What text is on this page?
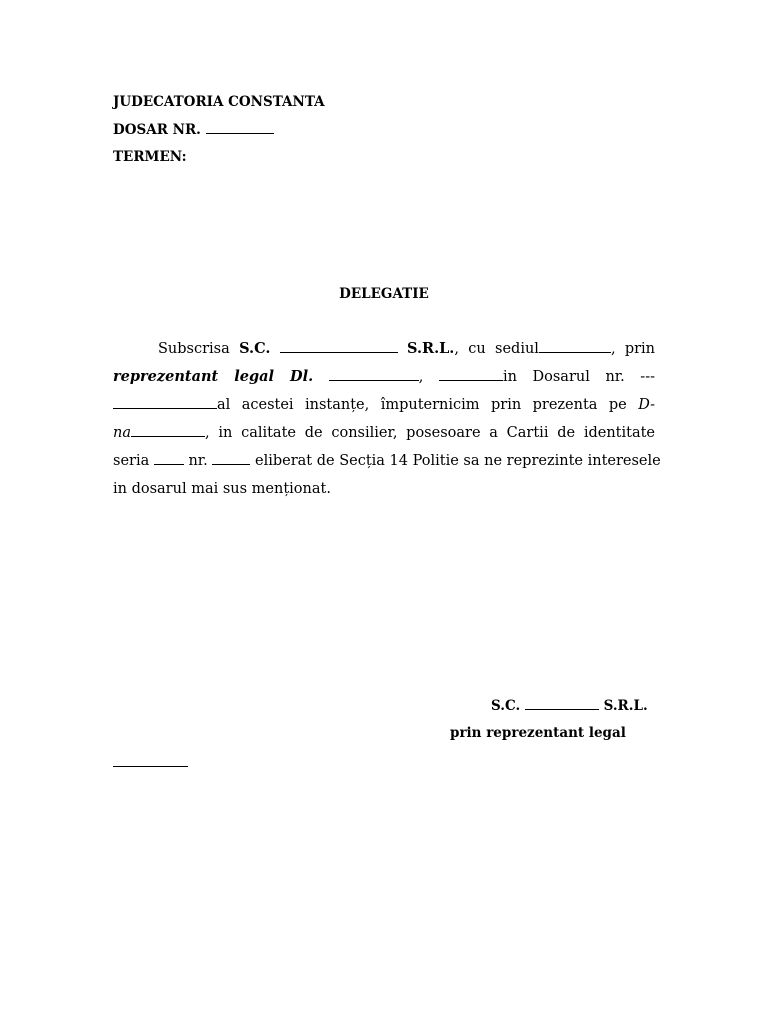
JUDECATORIA CONSTANTA
DOSAR NR.
TERMEN:
DELEGATIE
Subscrisa S.C.	S.R.L., cu sediul	, prin
reprezentant legal Dl.	,	in Dosarul nr. ---
al acestei instanțe, împuternicim prin prezenta pe D-
na	, in calitate de consilier, posesoare a Cartii de identitate
seria	nr.	eliberat de Secția 14 Politie sa ne reprezinte interesele
in dosarul mai sus menționat.
S.C.	S.R.L.
prin reprezentant legal
